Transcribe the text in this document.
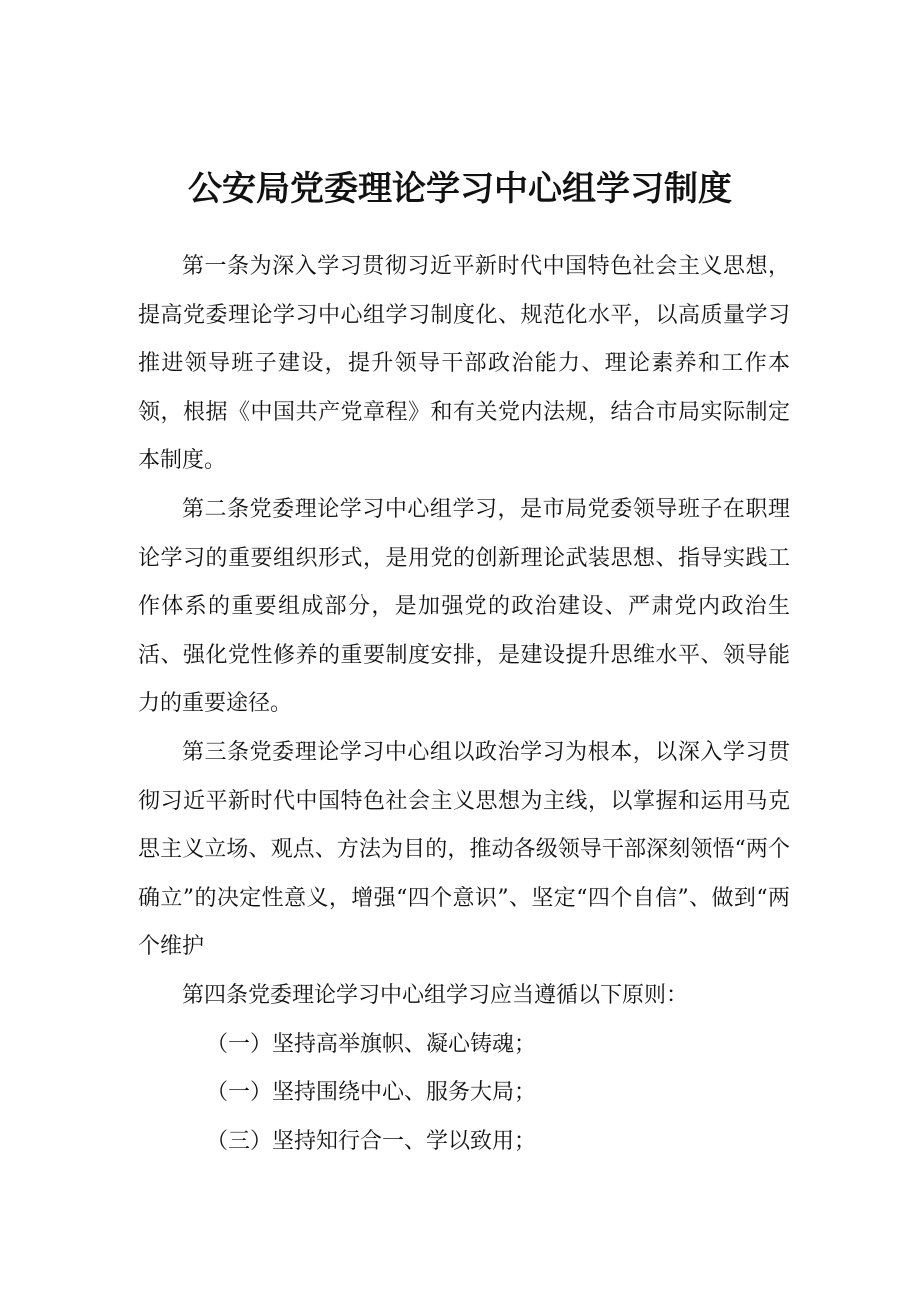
公安局党委理论学习中心组学习制度

第一条为深入学习贯彻习近平新时代中国特色社会主义思想，提高党委理论学习中心组学习制度化、规范化水平，以高质量学习推进领导班子建设，提升领导干部政治能力、理论素养和工作本领，根据《中国共产党章程》和有关党内法规，结合市局实际制定本制度。

第二条党委理论学习中心组学习，是市局党委领导班子在职理论学习的重要组织形式，是用党的创新理论武装思想、指导实践工作体系的重要组成部分，是加强党的政治建设、严肃党内政治生活、强化党性修养的重要制度安排，是建设提升思维水平、领导能力的重要途径。

第三条党委理论学习中心组以政治学习为根本，以深入学习贯彻习近平新时代中国特色社会主义思想为主线，以掌握和运用马克思主义立场、观点、方法为目的，推动各级领导干部深刻领悟“两个确立”的决定性意义，增强“四个意识”、坚定“四个自信”、做到“两个维护

第四条党委理论学习中心组学习应当遵循以下原则：

（一）坚持高举旗帜、凝心铸魂；

（一）坚持围绕中心、服务大局；

（三）坚持知行合一、学以致用；
